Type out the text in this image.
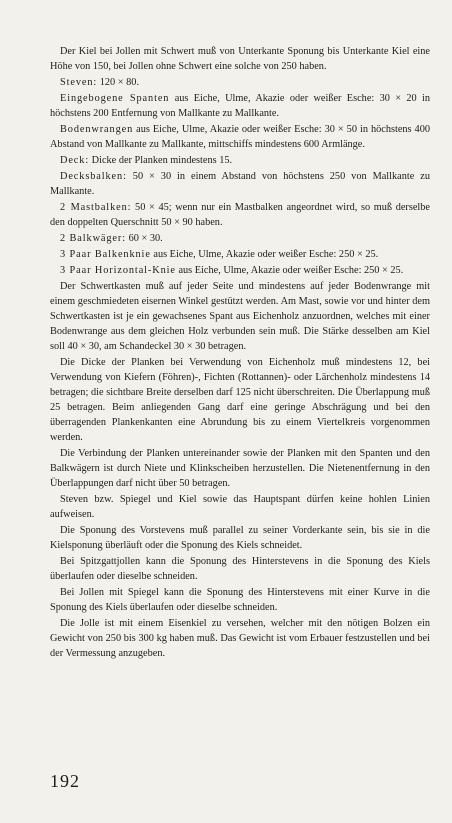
Der Kiel bei Jollen mit Schwert muß von Unterkante Sponung bis Unterkante Kiel eine Höhe von 150, bei Jollen ohne Schwert eine solche von 250 haben.

Steven: 120 × 80.

Eingebogene Spanten aus Eiche, Ulme, Akazie oder weißer Esche: 30 × 20 in höchstens 200 Entfernung von Mallkante zu Mallkante.

Bodenwrangen aus Eiche, Ulme, Akazie oder weißer Esche: 30 × 50 in höchstens 400 Abstand von Mallkante zu Mallkante, mittschiffs mindestens 600 Armlänge.

Deck: Dicke der Planken mindestens 15.

Decksbalken: 50 × 30 in einem Abstand von höchstens 250 von Mallkante zu Mallkante.

2 Mastbalken: 50 × 45; wenn nur ein Mastbalken angeordnet wird, so muß derselbe den doppelten Querschnitt 50 × 90 haben.

2 Balkwäger: 60 × 30.

3 Paar Balkenknie aus Eiche, Ulme, Akazie oder weißer Esche: 250 × 25.

3 Paar Horizontal-Knie aus Eiche, Ulme, Akazie oder weißer Esche: 250 × 25.

Der Schwertkasten muß auf jeder Seite und mindestens auf jeder Bodenwrange mit einem geschmiedeten eisernen Winkel gestützt werden. Am Mast, sowie vor und hinter dem Schwertkasten ist je ein gewachsenes Spant aus Eichenholz anzuordnen, welches mit einer Bodenwrange aus dem gleichen Holz verbunden sein muß. Die Stärke desselben am Kiel soll 40 × 30, am Schandeckel 30 × 30 betragen.

Die Dicke der Planken bei Verwendung von Eichenholz muß mindestens 12, bei Verwendung von Kiefern (Föhren)-, Fichten (Rottannen)- oder Lärchenholz mindestens 14 betragen; die sichtbare Breite derselben darf 125 nicht überschreiten. Die Überlappung muß 25 betragen. Beim anliegenden Gang darf eine geringe Abschrägung und bei den überragenden Plankenkanten eine Abrundung bis zu einem Viertelkreis vorgenommen werden.

Die Verbindung der Planken untereinander sowie der Planken mit den Spanten und den Balkwägern ist durch Niete und Klinkscheiben herzustellen. Die Nietenentfernung in den Überlappungen darf nicht über 50 betragen.

Steven bzw. Spiegel und Kiel sowie das Hauptspant dürfen keine hohlen Linien aufweisen.

Die Sponung des Vorstevens muß parallel zu seiner Vorderkante sein, bis sie in die Kielsponung überläuft oder die Sponung des Kiels schneidet.

Bei Spitzgattjollen kann die Sponung des Hinterstevens in die Sponung des Kiels überlaufen oder dieselbe schneiden.

Bei Jollen mit Spiegel kann die Sponung des Hinterstevens mit einer Kurve in die Sponung des Kiels überlaufen oder dieselbe schneiden.

Die Jolle ist mit einem Eisenkiel zu versehen, welcher mit den nötigen Bolzen ein Gewicht von 250 bis 300 kg haben muß. Das Gewicht ist vom Erbauer festzustellen und bei der Vermessung anzugeben.

192
